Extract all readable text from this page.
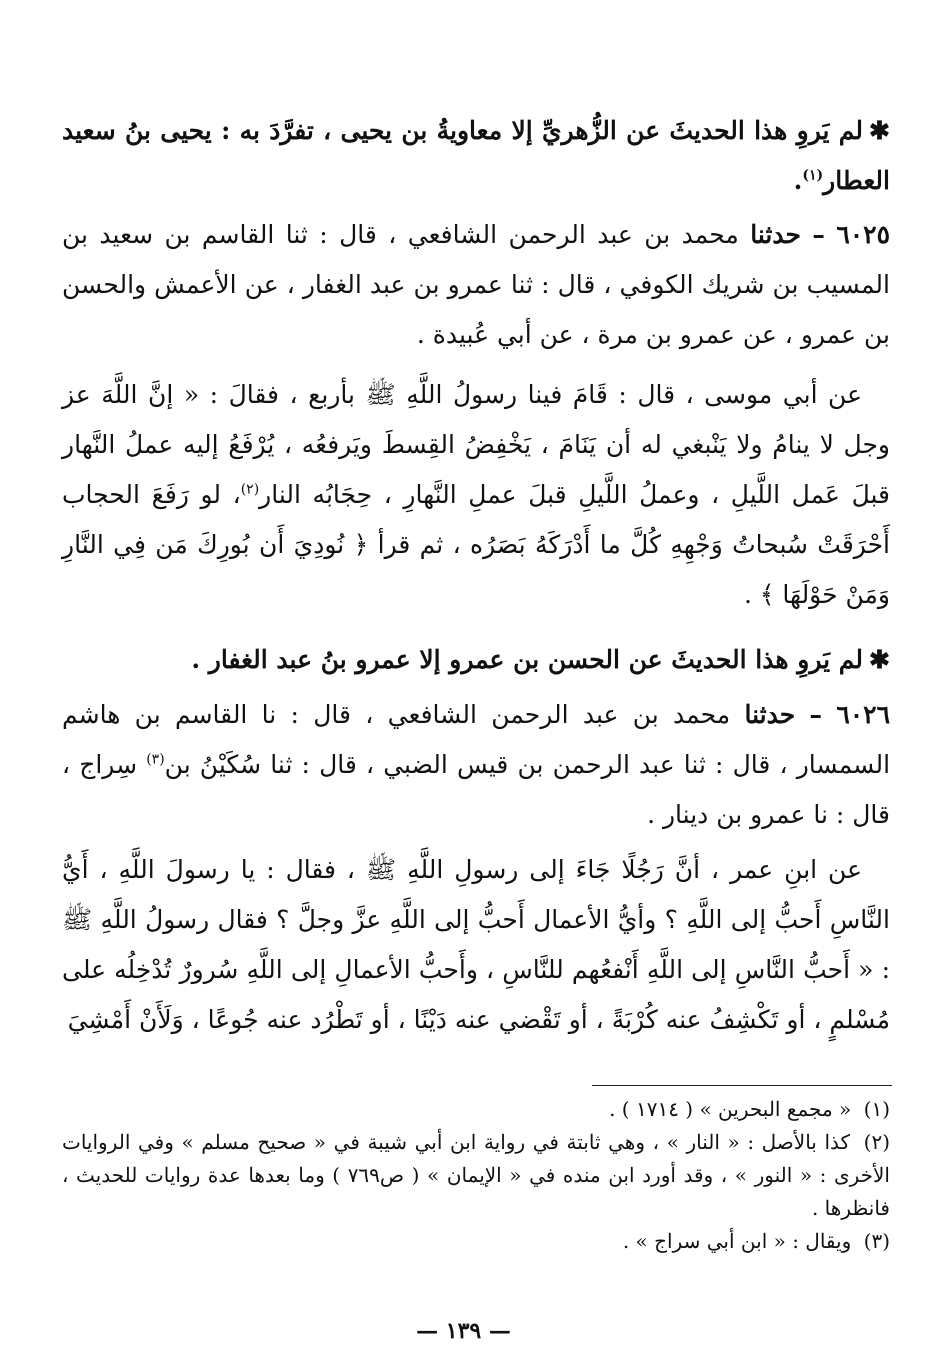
✱لم يَروِ هذا الحديثَ عن الزُّهريِّ إلا معاويةُ بن يحيى ، تفرَّدَ به : يحيى بنُ سعيد العطار$^{(١)}$.
٦٠٢٥ – حدثنا محمد بن عبد الرحمن الشافعي ، قال : ثنا القاسم بن سعيد بن المسيب بن شريك الكوفي ، قال : ثنا عمرو بن عبد الغفار ، عن الأعمش والحسن بن عمرو ، عن عمرو بن مرة ، عن أبي عُبيدة .
عن أبي موسى ، قال : قَامَ فينا رسولُ اللَّهِ ﷺ بأربع ، فقالَ : « إنَّ اللَّهَ عز وجل لا ينامُ ولا يَنْبغي له أن يَنَامَ ، يَخْفِضُ القِسطَ ويَرفعُه ، يُرْفَعُ إليه عملُ النَّهار قبلَ عَمل اللَّيلِ ، وعملُ اللَّيلِ قبلَ عملِ النَّهارِ ، حِجَابُه النار$^{(٢)}$، لو رَفَعَ الحجاب أَحْرَقَتْ سُبحاتُ وَجْهِهِ كُلَّ ما أَدْرَكَهُ بَصَرُه ، ثم قرأ ﴿ نُودِيَ أَن بُورِكَ مَن فِي النَّارِ وَمَنْ حَوْلَهَا ﴾ .
✱لم يَروِ هذا الحديثَ عن الحسن بن عمرو إلا عمرو بنُ عبد الغفار .
٦٠٢٦ – حدثنا محمد بن عبد الرحمن الشافعي ، قال : نا القاسم بن هاشم السمسار ، قال : ثنا عبد الرحمن بن قيس الضبي ، قال : ثنا سُكَيْنُ بن$^{(٣)}$ سِراج ، قال : نا عمرو بن دينار .
عن ابنِ عمر ، أنَّ رَجُلًا جَاءَ إلى رسولِ اللَّهِ ﷺ ، فقال : يا رسولَ اللَّهِ ، أَيُّ النَّاسِ أَحبُّ إلى اللَّهِ ؟ وأيُّ الأعمال أَحبُّ إلى اللَّهِ عزَّ وجلَّ ؟ فقال رسولُ اللَّهِ ﷺ : « أَحبُّ النَّاسِ إلى اللَّهِ أَنْفعُهم للنَّاسِ ، وأَحبُّ الأعمالِ إلى اللَّهِ سُرورٌ تُدْخِلُه على مُسْلمٍ ، أو تَكْشِفُ عنه كُرْبَةً ، أو تَقْضي عنه دَيْنًا ، أو تَطْرُد عنه جُوعًا ، وَلَأَنْ أَمْشِيَ

(١) « مجمع البحرين » ( ١٧١٤ ) .

(٢) كذا بالأصل : « النار » ، وهي ثابتة في رواية ابن أبي شيبة في « صحيح مسلم » وفي الروايات الأخرى : « النور » ، وقد أورد ابن منده في « الإيمان » ( ص٧٦٩ ) وما بعدها عدة روايات للحديث ، فانظرها .

(٣) ويقال : « ابن أبي سراج » .

— ١٣٩ —
